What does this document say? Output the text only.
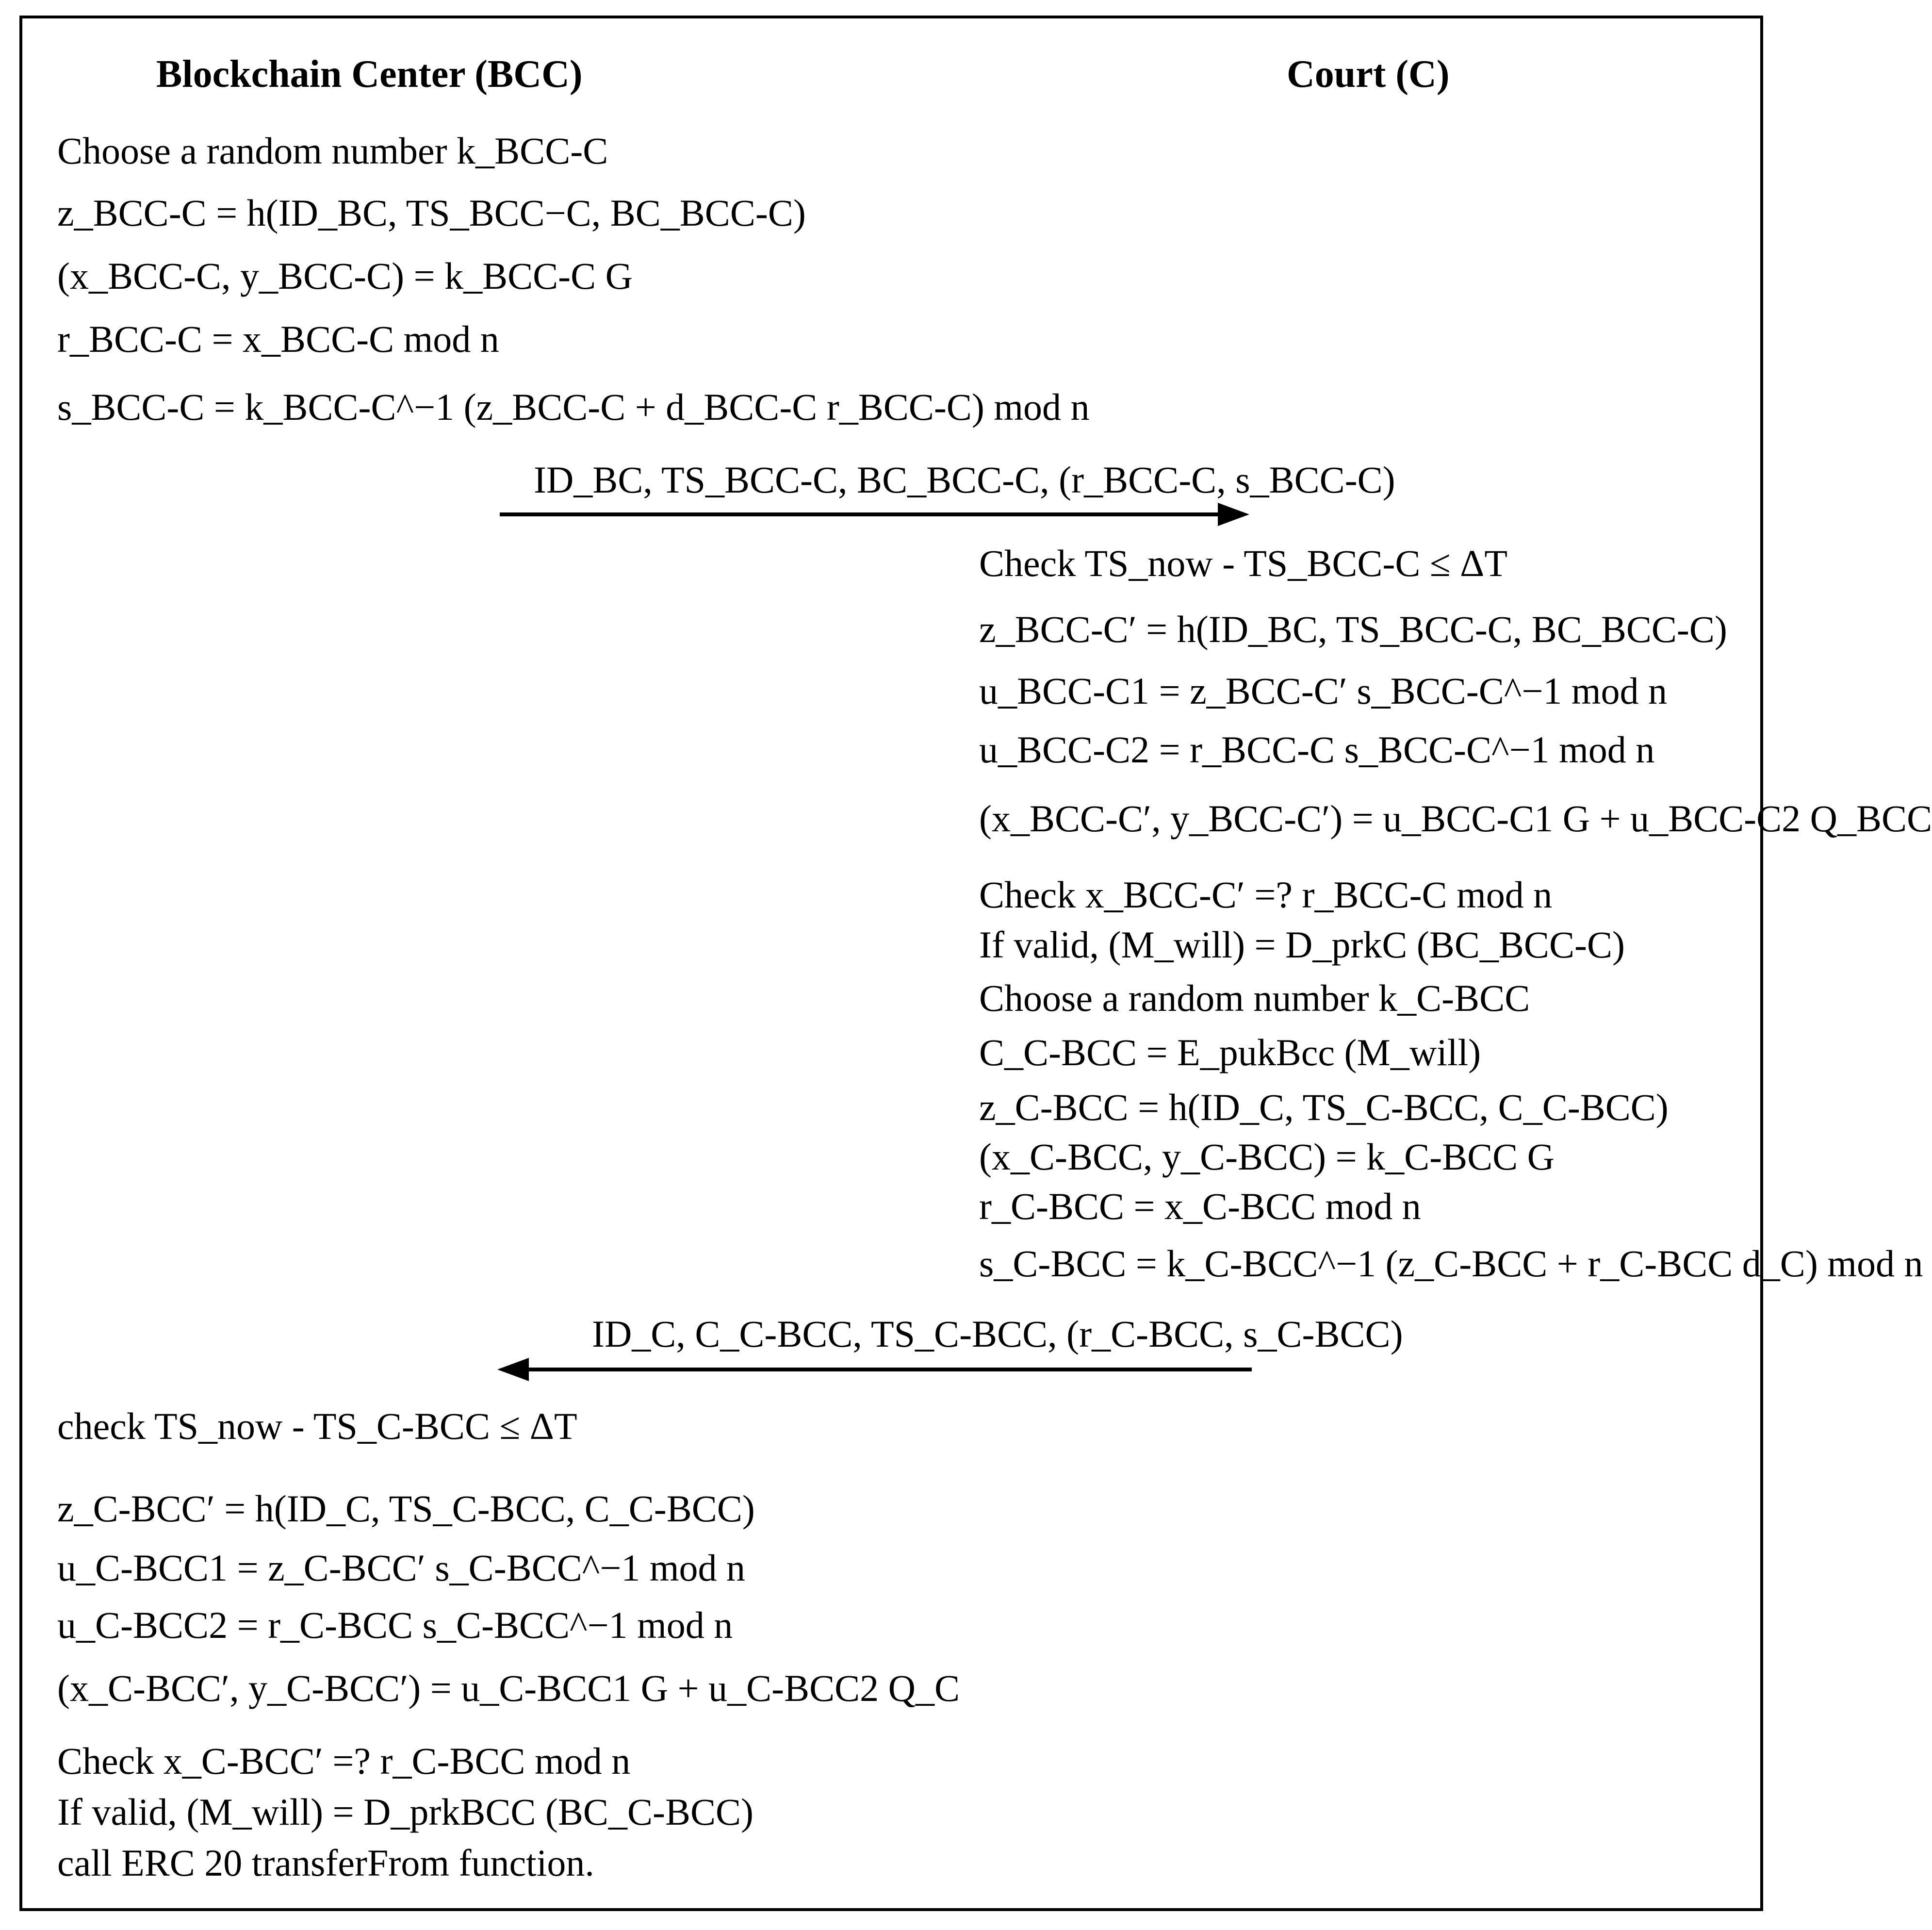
Blockchain Center (BCC)	Court (C)
Choose a random number k_BCC-C
z_BCC-C = h(ID_BC, TS_BCC−C, BC_BCC-C)
(x_BCC-C, y_BCC-C) = k_BCC-C G
r_BCC-C = x_BCC-C mod n
s_BCC-C = k_BCC-C^−1 (z_BCC-C + d_BCC-C r_BCC-C) mod n
ID_BC, TS_BCC-C, BC_BCC-C, (r_BCC-C, s_BCC-C)
Check TS_now - TS_BCC-C ≤ ΔT
z_BCC-C′ = h(ID_BC, TS_BCC-C, BC_BCC-C)
u_BCC-C1 = z_BCC-C′ s_BCC-C^−1 mod n
u_BCC-C2 = r_BCC-C s_BCC-C^−1 mod n
(x_BCC-C′, y_BCC-C′) = u_BCC-C1 G + u_BCC-C2 Q_BCC
Check x_BCC-C′ =? r_BCC-C mod n
If valid, (M_will) = D_prkC (BC_BCC-C)
Choose a random number k_C-BCC
C_C-BCC = E_pukBcc (M_will)
z_C-BCC = h(ID_C, TS_C-BCC, C_C-BCC)
(x_C-BCC, y_C-BCC) = k_C-BCC G
r_C-BCC = x_C-BCC mod n
s_C-BCC = k_C-BCC^−1 (z_C-BCC + r_C-BCC d_C) mod n
ID_C, C_C-BCC, TS_C-BCC, (r_C-BCC, s_C-BCC)
check TS_now - TS_C-BCC ≤ ΔT
z_C-BCC′ = h(ID_C, TS_C-BCC, C_C-BCC)
u_C-BCC1 = z_C-BCC′ s_C-BCC^−1 mod n
u_C-BCC2 = r_C-BCC s_C-BCC^−1 mod n
(x_C-BCC′, y_C-BCC′) = u_C-BCC1 G + u_C-BCC2 Q_C
Check x_C-BCC′ =? r_C-BCC mod n
If valid, (M_will) = D_prkBCC (BC_C-BCC)
call ERC 20 transferFrom function.
